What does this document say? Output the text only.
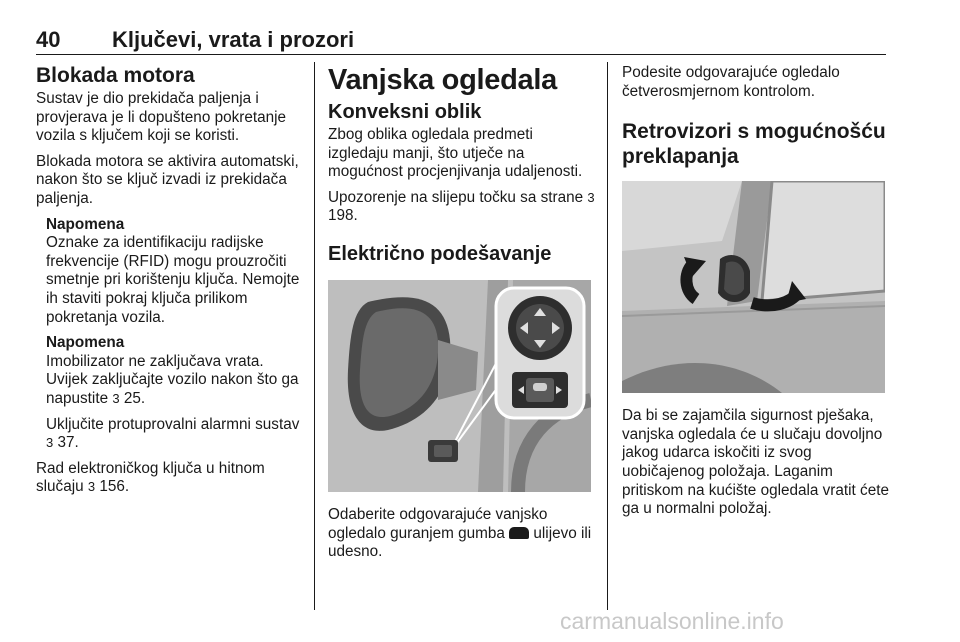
40 Ključevi, vrata i prozori
Blokada motora

Sustav je dio prekidača paljenja i provjerava je li dopušteno pokretanje vozila s ključem koji se koristi.

Blokada motora se aktivira automatski, nakon što se ključ izvadi iz prekidača paljenja.

Napomena

Oznake za identifikaciju radijske frekvencije (RFID) mogu prouzročiti smetnje pri korištenju ključa. Nemojte ih staviti pokraj ključa prilikom pokretanja vozila.

Napomena

Imobilizator ne zaključava vrata. Uvijek zaključajte vozilo nakon što ga napustite 3 25.

Uključite protuprovalni alarmni sustav 3 37.

Rad elektroničkog ključa u hitnom slučaju 3 156.

Vanjska ogledala
Konveksni oblik

Zbog oblika ogledala predmeti izgledaju manji, što utječe na mogućnost procjenjivanja udaljenosti.

Upozorenje na slijepu točku sa strane 3 198.

Električno podešavanje

Odaberite odgovarajuće vanjsko ogledalo guranjem gumba ulijevo ili udesno.

Podesite odgovarajuće ogledalo četverosmjernom kontrolom.

Retrovizori s mogućnošću preklapanja

Da bi se zajamčila sigurnost pješaka, vanjska ogledala će u slučaju dovoljno jakog udarca iskočiti iz svog uobičajenog položaja. Laganim pritiskom na kućište ogledala vratit ćete ga u normalni položaj.

carmanualsonline.info
